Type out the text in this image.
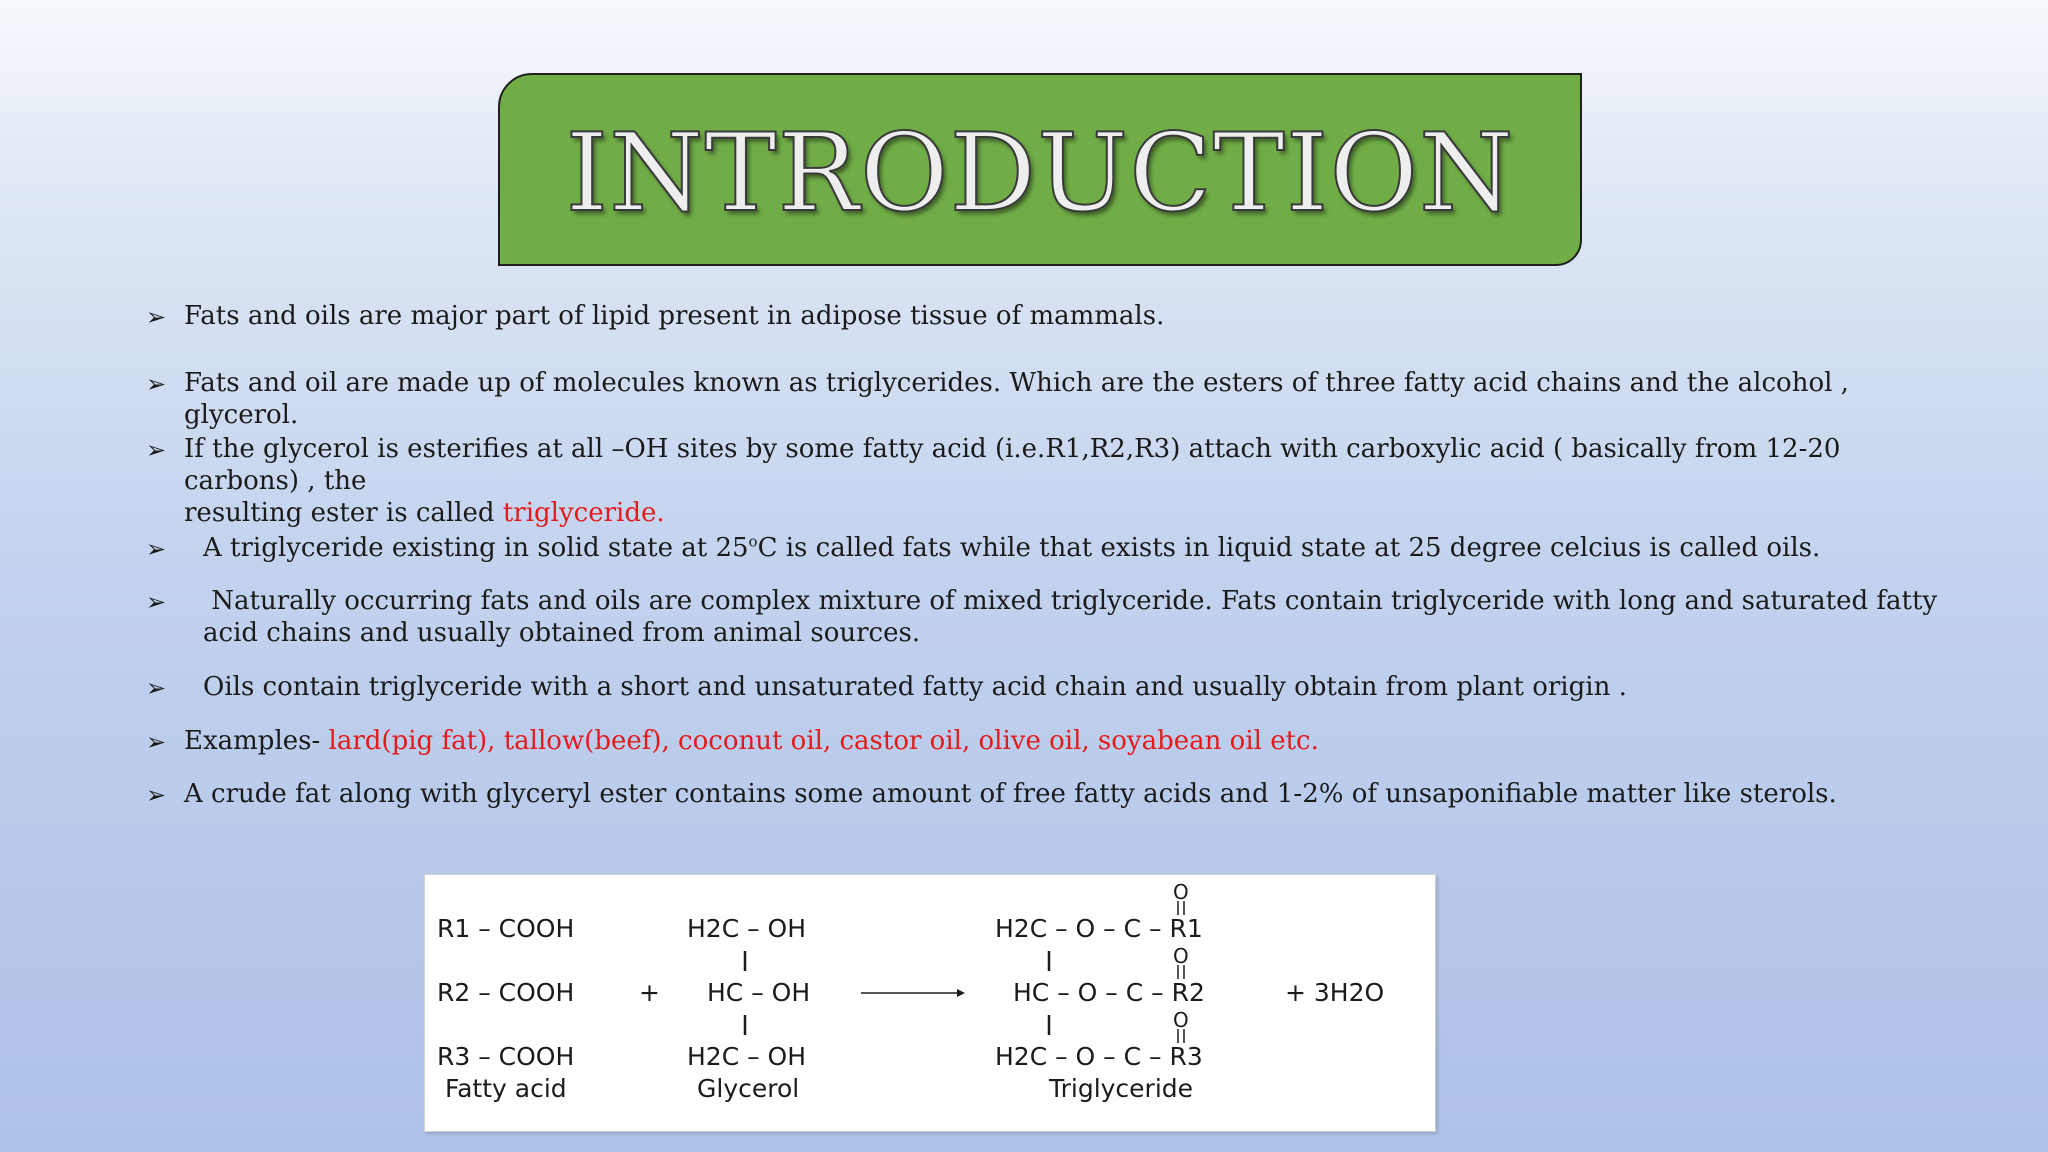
INTRODUCTION
➢ Fats and oils are major part of lipid present in adipose tissue of mammals.
➢ Fats and oil are made up of molecules known as triglycerides. Which are the esters of three fatty acid chains and the alcohol , glycerol.
➢ If the glycerol is esterifies at all –OH sites by some fatty acid (i.e.R1,R2,R3) attach with carboxylic acid ( basically from 12-20 carbons) , the
resulting ester is called triglyceride.
➢ A triglyceride existing in solid state at 25$^o$C is called fats while that exists in liquid state at 25 degree celcius is called oils.
➢ Naturally occurring fats and oils are complex mixture of mixed triglyceride. Fats contain triglyceride with long and saturated fatty
acid chains and usually obtained from animal sources.
➢ Oils contain triglyceride with a short and unsaturated fatty acid chain and usually obtain from plant origin .
➢ Examples- lard(pig fat), tallow(beef), coconut oil, castor oil, olive oil, soyabean oil etc.
➢ A crude fat along with glyceryl ester contains some amount of free fatty acids and 1-2% of unsaponifiable matter like sterols.
R1 – COOH
R2 – COOH
R3 – COOH
+
H2C – OH
HC – OH
H2C – OH
H2C – O – C – R1
HC – O – C – R2
H2C – O – C – R3
O
O
O
+ 3H2O
Fatty acid	Glycerol	Triglyceride
